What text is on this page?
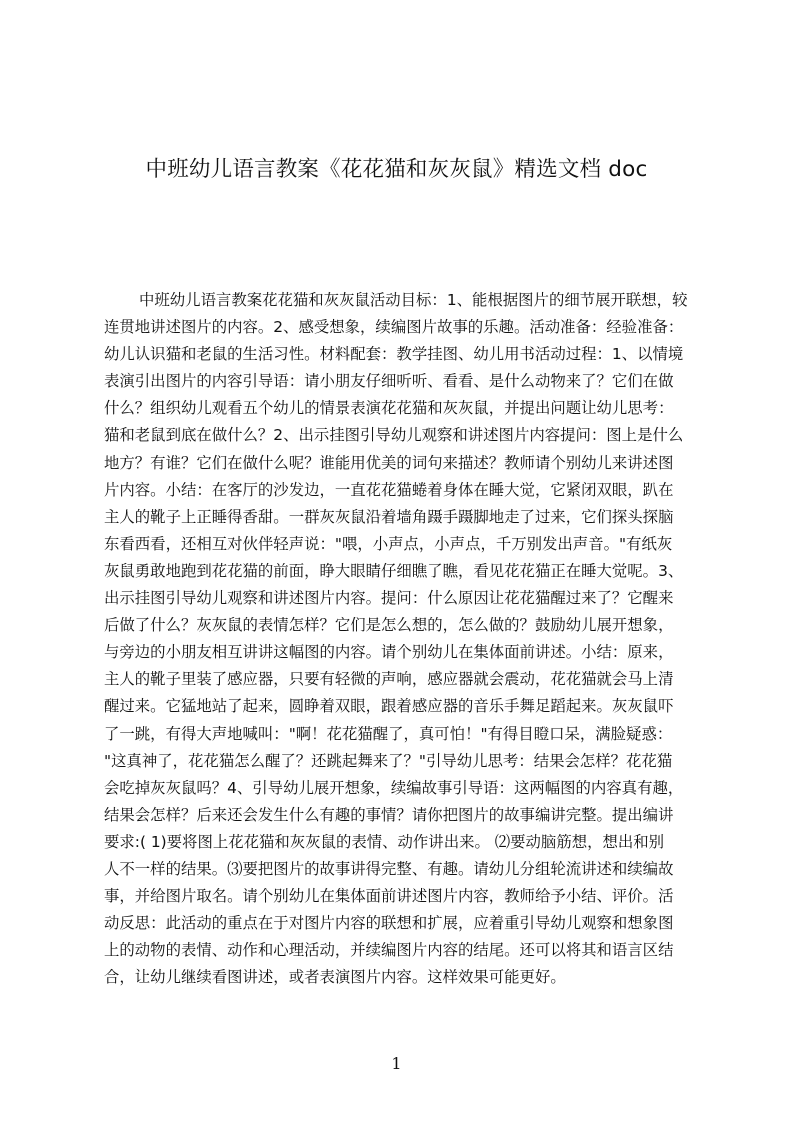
中班幼儿语言教案《花花猫和灰灰鼠》精选文档 doc
中班幼儿语言教案花花猫和灰灰鼠活动目标：1、能根据图片的细节展开联想，较
连贯地讲述图片的内容。2、感受想象，续编图片故事的乐趣。活动准备：经验准备：
幼儿认识猫和老鼠的生活习性。材料配套：教学挂图、幼儿用书活动过程：1、以情境
表演引出图片的内容引导语：请小朋友仔细听听、看看、是什么动物来了？它们在做
什么？组织幼儿观看五个幼儿的情景表演花花猫和灰灰鼠，并提出问题让幼儿思考：
猫和老鼠到底在做什么？2、出示挂图引导幼儿观察和讲述图片内容提问：图上是什么
地方？有谁？它们在做什么呢？谁能用优美的词句来描述？教师请个别幼儿来讲述图
片内容。小结：在客厅的沙发边，一直花花猫蜷着身体在睡大觉，它紧闭双眼，趴在
主人的靴子上正睡得香甜。一群灰灰鼠沿着墙角蹑手蹑脚地走了过来，它们探头探脑
东看西看，还相互对伙伴轻声说："喂，小声点，小声点，千万别发出声音。"有纸灰
灰鼠勇敢地跑到花花猫的前面，睁大眼睛仔细瞧了瞧，看见花花猫正在睡大觉呢。3、
出示挂图引导幼儿观察和讲述图片内容。提问：什么原因让花花猫醒过来了？它醒来
后做了什么？灰灰鼠的表情怎样？它们是怎么想的，怎么做的？鼓励幼儿展开想象，
与旁边的小朋友相互讲讲这幅图的内容。请个别幼儿在集体面前讲述。小结：原来，
主人的靴子里装了感应器，只要有轻微的声响，感应器就会震动，花花猫就会马上清
醒过来。它猛地站了起来，圆睁着双眼，跟着感应器的音乐手舞足蹈起来。灰灰鼠吓
了一跳，有得大声地喊叫："啊！花花猫醒了，真可怕！"有得目瞪口呆，满脸疑惑：
"这真神了，花花猫怎么醒了？还跳起舞来了？"引导幼儿思考：结果会怎样？花花猫
会吃掉灰灰鼠吗？4、引导幼儿展开想象，续编故事引导语：这两幅图的内容真有趣，
结果会怎样？后来还会发生什么有趣的事情？请你把图片的故事编讲完整。提出编讲
要求:( 1)要将图上花花猫和灰灰鼠的表情、动作讲出来。 ⑵要动脑筋想，想出和别
人不一样的结果。⑶要把图片的故事讲得完整、有趣。请幼儿分组轮流讲述和续编故
事，并给图片取名。请个别幼儿在集体面前讲述图片内容，教师给予小结、评价。活
动反思：此活动的重点在于对图片内容的联想和扩展，应着重引导幼儿观察和想象图
上的动物的表情、动作和心理活动，并续编图片内容的结尾。还可以将其和语言区结
合，让幼儿继续看图讲述，或者表演图片内容。这样效果可能更好。
1
